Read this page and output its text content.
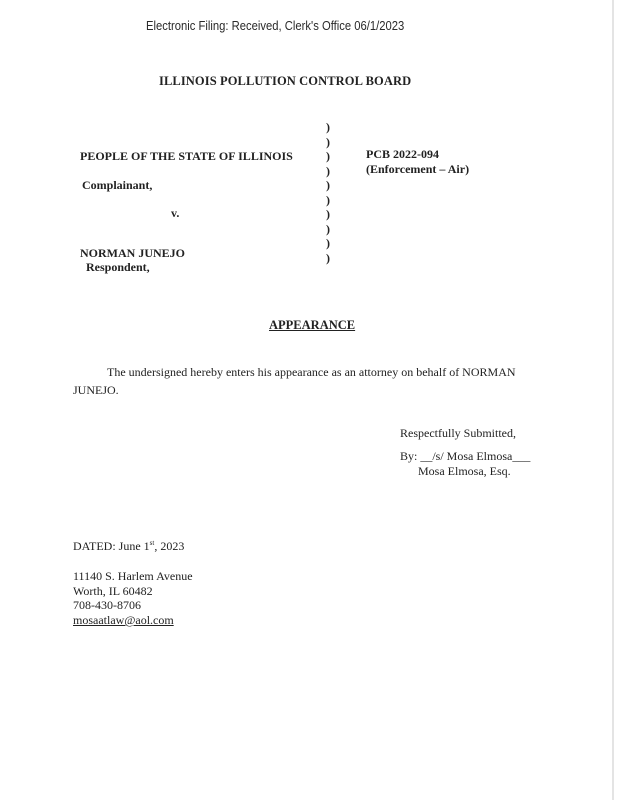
Electronic Filing: Received, Clerk's Office 06/1/2023
ILLINOIS POLLUTION CONTROL BOARD
PEOPLE OF THE STATE OF ILLINOIS
Complainant,
v.
NORMAN JUNEJO
Respondent,
)
)
)
)
)
)
)
)
)
)
PCB 2022-094
(Enforcement – Air)
APPEARANCE
The undersigned hereby enters his appearance as an attorney on behalf of NORMAN JUNEJO.
Respectfully Submitted,
By: __/s/ Mosa Elmosa___
Mosa Elmosa, Esq.
DATED: June 1st, 2023
11140 S. Harlem Avenue
Worth, IL 60482
708-430-8706
mosaatlaw@aol.com
